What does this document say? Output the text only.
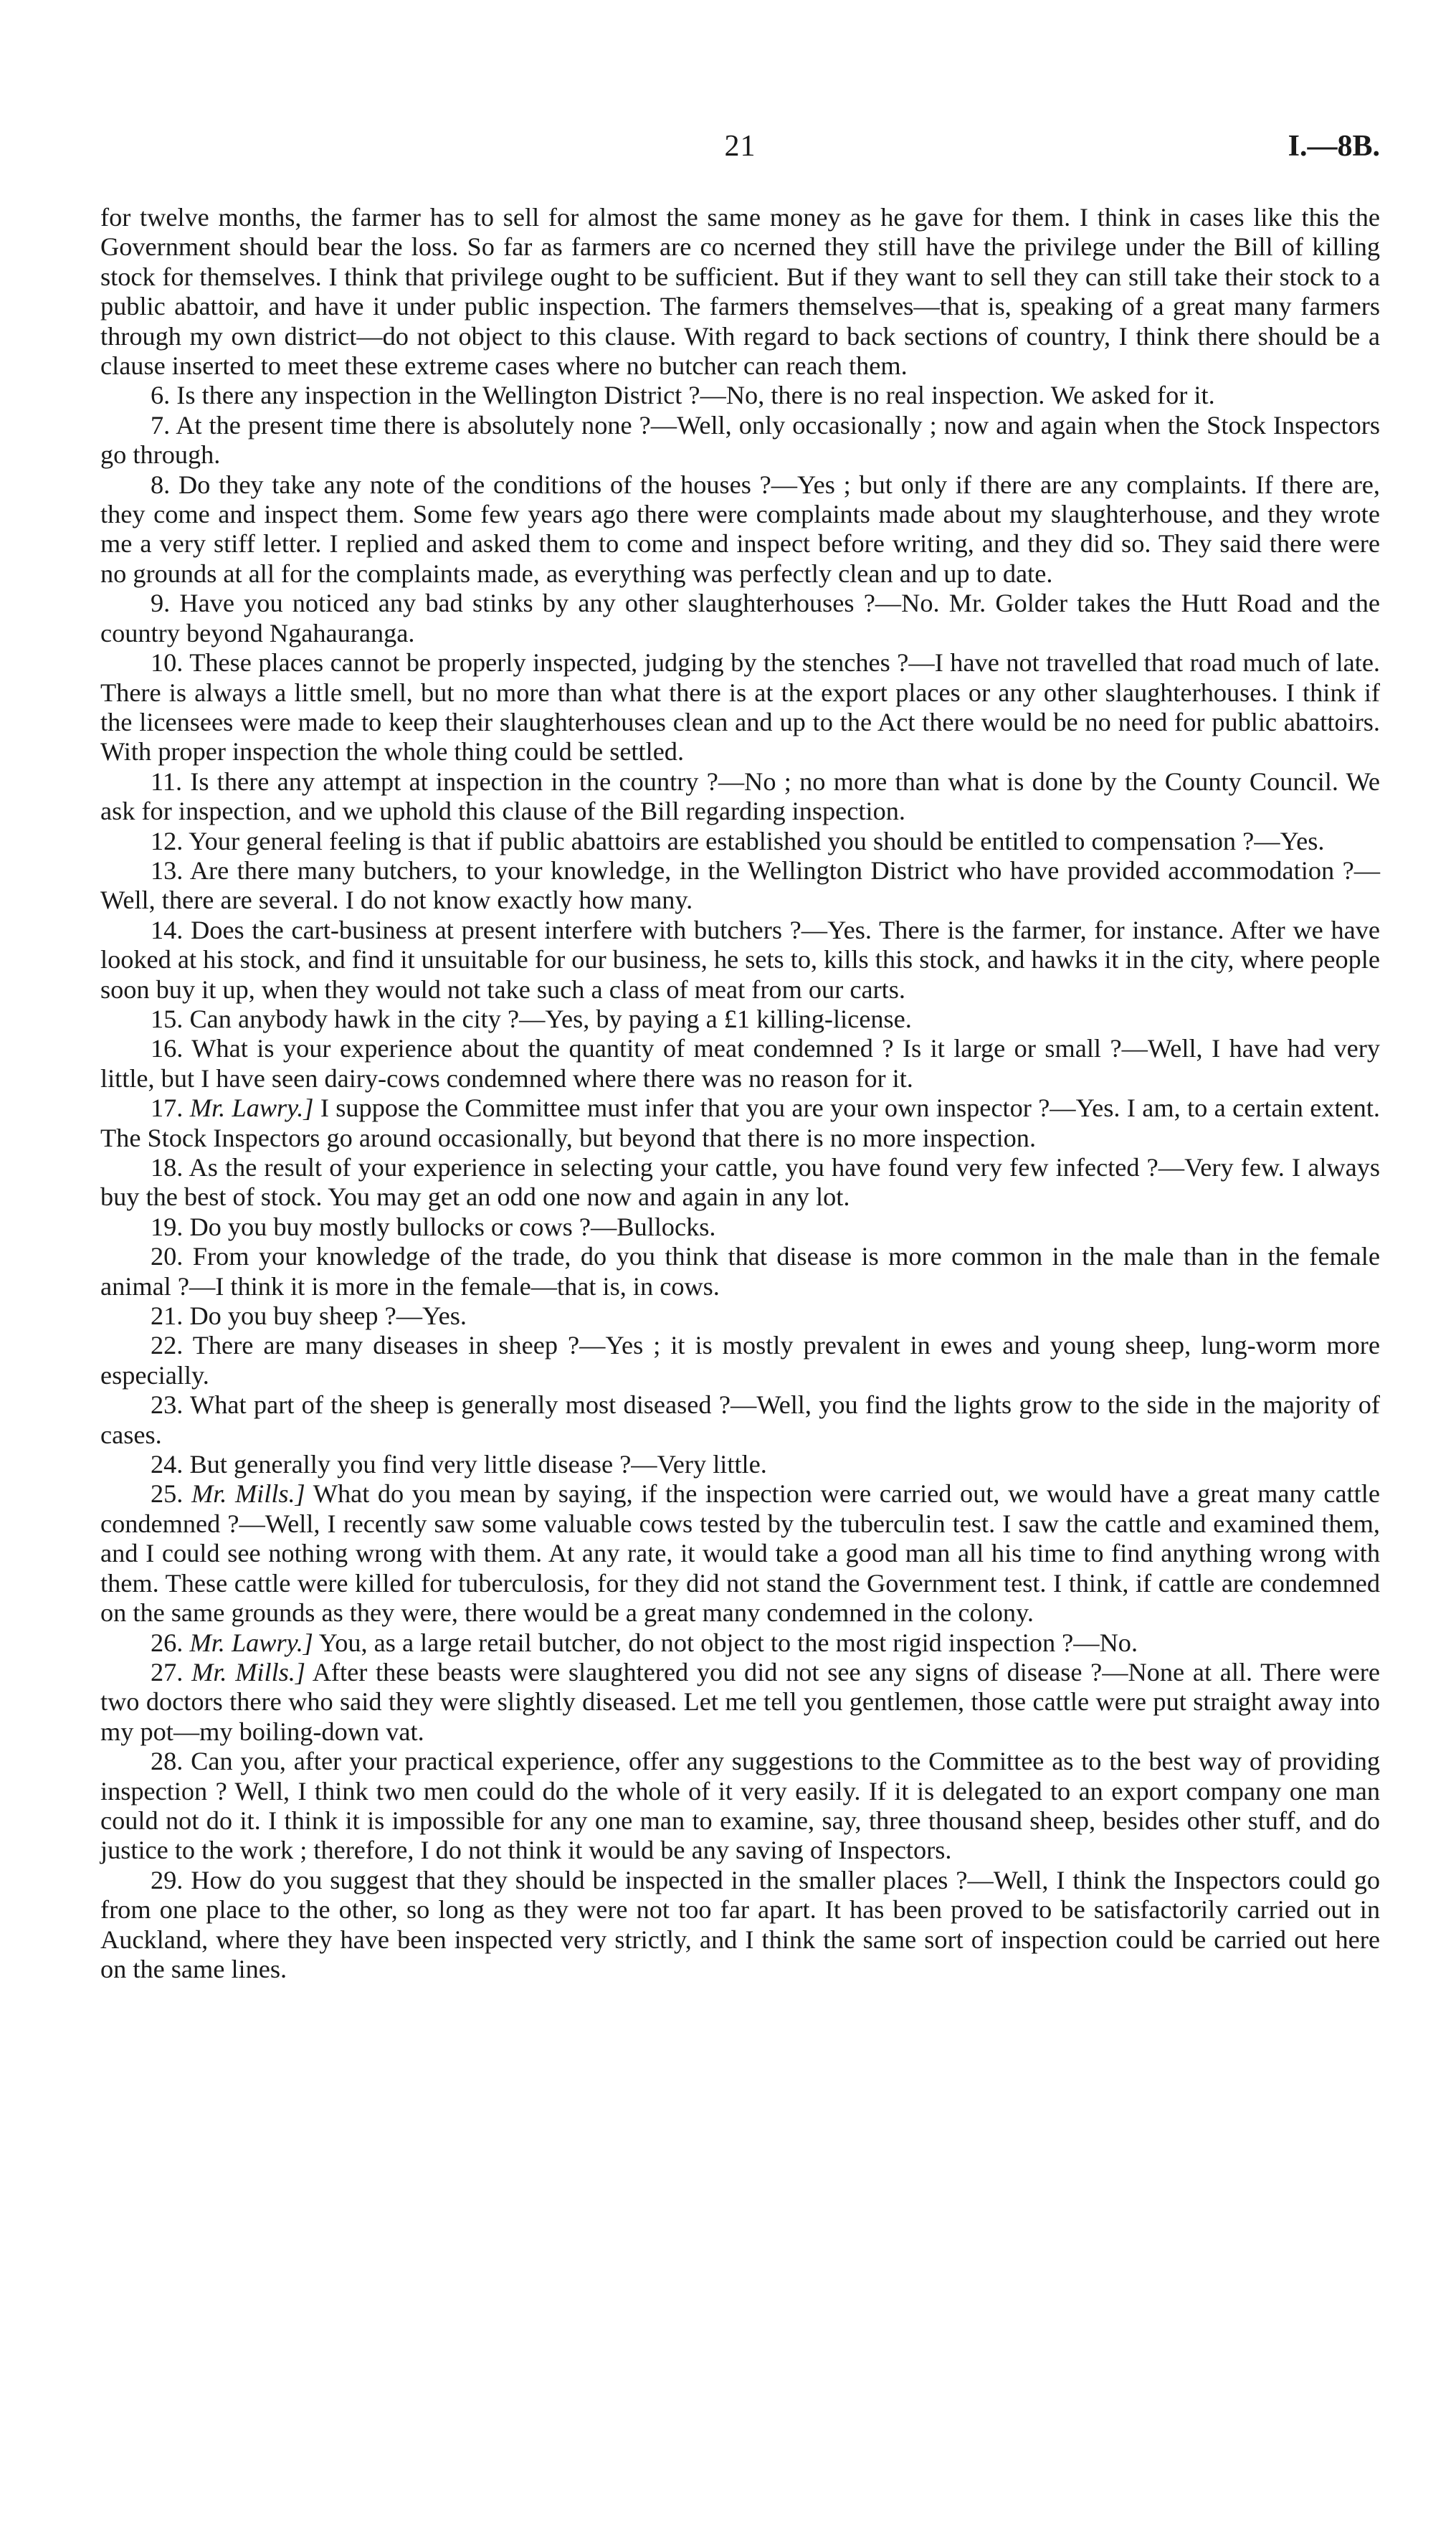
21	I.—8B.

for twelve months, the farmer has to sell for almost the same money as he gave for them. I think in cases like this the Government should bear the loss. So far as farmers are co ncerned they still have the privilege under the Bill of killing stock for themselves. I think that privilege ought to be sufficient. But if they want to sell they can still take their stock to a public abattoir, and have it under public inspection. The farmers themselves—that is, speaking of a great many farmers through my own district—do not object to this clause. With regard to back sections of country, I think there should be a clause inserted to meet these extreme cases where no butcher can reach them.

6. Is there any inspection in the Wellington District ?—No, there is no real inspection. We asked for it.

7. At the present time there is absolutely none ?—Well, only occasionally ; now and again when the Stock Inspectors go through.

8. Do they take any note of the conditions of the houses ?—Yes ; but only if there are any complaints. If there are, they come and inspect them. Some few years ago there were complaints made about my slaughterhouse, and they wrote me a very stiff letter. I replied and asked them to come and inspect before writing, and they did so. They said there were no grounds at all for the complaints made, as everything was perfectly clean and up to date.

9. Have you noticed any bad stinks by any other slaughterhouses ?—No. Mr. Golder takes the Hutt Road and the country beyond Ngahauranga.

10. These places cannot be properly inspected, judging by the stenches ?—I have not travelled that road much of late. There is always a little smell, but no more than what there is at the export places or any other slaughterhouses. I think if the licensees were made to keep their slaughterhouses clean and up to the Act there would be no need for public abattoirs. With proper inspection the whole thing could be settled.

11. Is there any attempt at inspection in the country ?—No ; no more than what is done by the County Council. We ask for inspection, and we uphold this clause of the Bill regarding inspection.

12. Your general feeling is that if public abattoirs are established you should be entitled to compensation ?—Yes.

13. Are there many butchers, to your knowledge, in the Wellington District who have provided accommodation ?—Well, there are several. I do not know exactly how many.

14. Does the cart-business at present interfere with butchers ?—Yes. There is the farmer, for instance. After we have looked at his stock, and find it unsuitable for our business, he sets to, kills this stock, and hawks it in the city, where people soon buy it up, when they would not take such a class of meat from our carts.

15. Can anybody hawk in the city ?—Yes, by paying a £1 killing-license.

16. What is your experience about the quantity of meat condemned ? Is it large or small ?—Well, I have had very little, but I have seen dairy-cows condemned where there was no reason for it.

17. Mr. Lawry.] I suppose the Committee must infer that you are your own inspector ?—Yes. I am, to a certain extent. The Stock Inspectors go around occasionally, but beyond that there is no more inspection.

18. As the result of your experience in selecting your cattle, you have found very few infected ?—Very few. I always buy the best of stock. You may get an odd one now and again in any lot.

19. Do you buy mostly bullocks or cows ?—Bullocks.

20. From your knowledge of the trade, do you think that disease is more common in the male than in the female animal ?—I think it is more in the female—that is, in cows.

21. Do you buy sheep ?—Yes.

22. There are many diseases in sheep ?—Yes ; it is mostly prevalent in ewes and young sheep, lung-worm more especially.

23. What part of the sheep is generally most diseased ?—Well, you find the lights grow to the side in the majority of cases.

24. But generally you find very little disease ?—Very little.

25. Mr. Mills.] What do you mean by saying, if the inspection were carried out, we would have a great many cattle condemned ?—Well, I recently saw some valuable cows tested by the tuberculin test. I saw the cattle and examined them, and I could see nothing wrong with them. At any rate, it would take a good man all his time to find anything wrong with them. These cattle were killed for tuberculosis, for they did not stand the Government test. I think, if cattle are condemned on the same grounds as they were, there would be a great many condemned in the colony.

26. Mr. Lawry.] You, as a large retail butcher, do not object to the most rigid inspection ?—No.

27. Mr. Mills.] After these beasts were slaughtered you did not see any signs of disease ?—None at all. There were two doctors there who said they were slightly diseased. Let me tell you gentlemen, those cattle were put straight away into my pot—my boiling-down vat.

28. Can you, after your practical experience, offer any suggestions to the Committee as to the best way of providing inspection ? Well, I think two men could do the whole of it very easily. If it is delegated to an export company one man could not do it. I think it is impossible for any one man to examine, say, three thousand sheep, besides other stuff, and do justice to the work ; therefore, I do not think it would be any saving of Inspectors.

29. How do you suggest that they should be inspected in the smaller places ?—Well, I think the Inspectors could go from one place to the other, so long as they were not too far apart. It has been proved to be satisfactorily carried out in Auckland, where they have been inspected very strictly, and I think the same sort of inspection could be carried out here on the same lines.
